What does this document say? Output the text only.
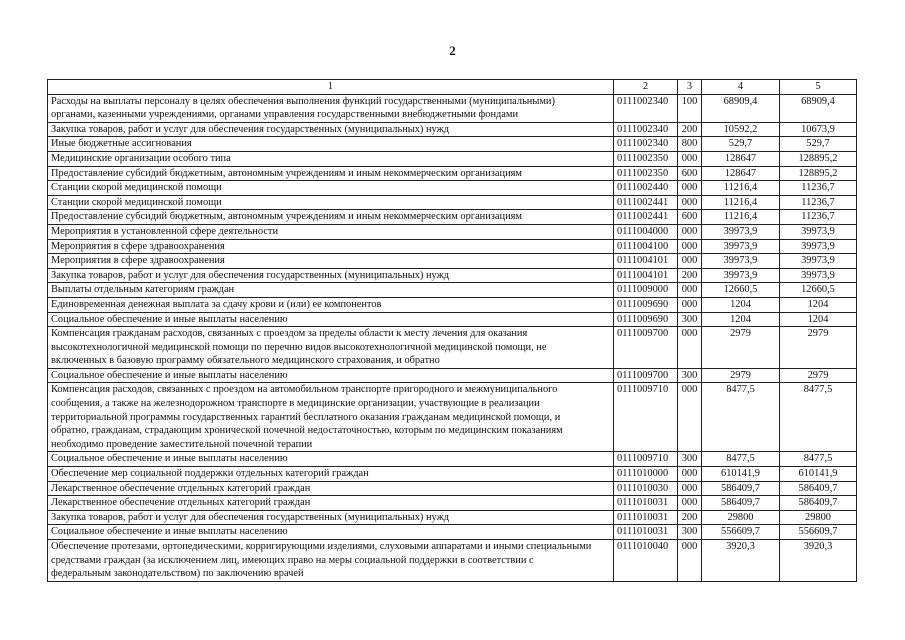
2
1	2	3	4	5
Расходы на выплаты персоналу в целях обеспечения выполнения функций государственными (муниципальными)
органами, казенными учреждениями, органами управления государственными внебюджетными фондами	0111002340	100	68909,4	68909,4
Закупка товаров, работ и услуг для обеспечения государственных (муниципальных) нужд	0111002340	200	10592,2	10673,9
Иные бюджетные ассигнования	0111002340	800	529,7	529,7
Медицинские организации особого типа	0111002350	000	128647	128895,2
Предоставление субсидий бюджетным, автономным учреждениям и иным некоммерческим организациям	0111002350	600	128647	128895,2
Станции скорой медицинской помощи	0111002440	000	11216,4	11236,7
Станции скорой медицинской помощи	0111002441	000	11216,4	11236,7
Предоставление субсидий бюджетным, автономным учреждениям и иным некоммерческим организациям	0111002441	600	11216,4	11236,7
Мероприятия в установленной сфере деятельности	0111004000	000	39973,9	39973,9
Мероприятия в сфере здравоохранения	0111004100	000	39973,9	39973,9
Мероприятия в сфере здравоохранения	0111004101	000	39973,9	39973,9
Закупка товаров, работ и услуг для обеспечения государственных (муниципальных) нужд	0111004101	200	39973,9	39973,9
Выплаты отдельным категориям граждан	0111009000	000	12660,5	12660,5
Единовременная денежная выплата за сдачу крови и (или) ее компонентов	0111009690	000	1204	1204
Социальное обеспечение и иные выплаты населению	0111009690	300	1204	1204
Компенсация гражданам расходов, связанных с проездом за пределы области к месту лечения для оказания
высокотехнологичной медицинской помощи по перечню видов высокотехнологичной медицинской помощи, не
включенных в базовую программу обязательного медицинского страхования, и обратно	0111009700	000	2979	2979
Социальное обеспечение и иные выплаты населению	0111009700	300	2979	2979
Компенсация расходов, связанных с проездом на автомобильном транспорте пригородного и межмуниципального
сообщения, а также на железнодорожном транспорте в медицинские организации, участвующие в реализации
территориальной программы государственных гарантий бесплатного оказания гражданам медицинской помощи, и
обратно, гражданам, страдающим хронической почечной недостаточностью, которым по медицинским показаниям
необходимо проведение заместительной почечной терапии	0111009710	000	8477,5	8477,5
Социальное обеспечение и иные выплаты населению	0111009710	300	8477,5	8477,5
Обеспечение мер социальной поддержки отдельных категорий граждан	0111010000	000	610141,9	610141,9
Лекарственное обеспечение отдельных категорий граждан	0111010030	000	586409,7	586409,7
Лекарственное обеспечение отдельных категорий граждан	0111010031	000	586409,7	586409,7
Закупка товаров, работ и услуг для обеспечения государственных (муниципальных) нужд	0111010031	200	29800	29800
Социальное обеспечение и иные выплаты населению	0111010031	300	556609,7	556609,7
Обеспечение протезами, ортопедическими, корригирующими изделиями, слуховыми аппаратами и иными специальными
средствами граждан (за исключением лиц, имеющих право на меры социальной поддержки в соответствии с
федеральным законодательством) по заключению врачей	0111010040	000	3920,3	3920,3
